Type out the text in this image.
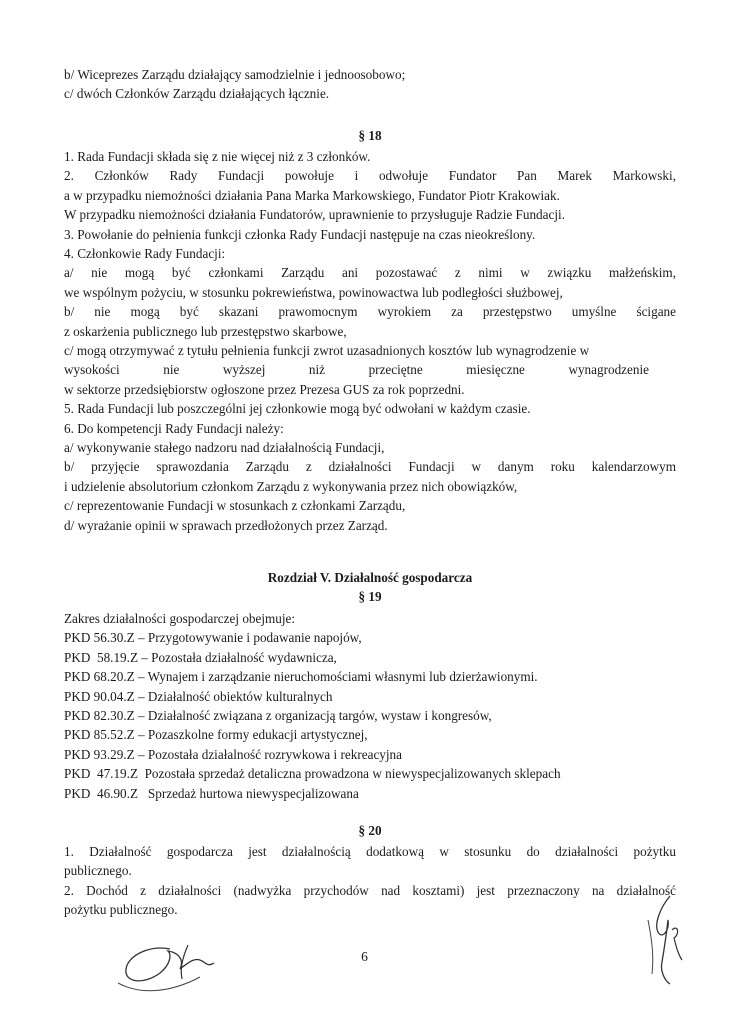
b/ Wiceprezes Zarządu działający samodzielnie i jednoosobowo;
c/ dwóch Członków Zarządu działających łącznie.
§ 18
1. Rada Fundacji składa się z nie więcej niż z 3 członków.
2. Członków Rady Fundacji powołuje i odwołuje Fundator Pan Marek Markowski,
a w przypadku niemożności działania Pana Marka Markowskiego, Fundator Piotr Krakowiak.
W przypadku niemożności działania Fundatorów, uprawnienie to przysługuje Radzie Fundacji.
3. Powołanie do pełnienia funkcji członka Rady Fundacji następuje na czas nieokreślony.
4. Członkowie Rady Fundacji:
a/ nie mogą być członkami Zarządu ani pozostawać z nimi w związku małżeńskim,
we wspólnym pożyciu, w stosunku pokrewieństwa, powinowactwa lub podległości służbowej,
b/ nie mogą być skazani prawomocnym wyrokiem za przestępstwo umyślne ścigane
z oskarżenia publicznego lub przestępstwo skarbowe,
c/ mogą otrzymywać z tytułu pełnienia funkcji zwrot uzasadnionych kosztów lub wynagrodzenie w
wysokości nie wyższej niż przeciętne miesięczne wynagrodzenie
w sektorze przedsiębiorstw ogłoszone przez Prezesa GUS za rok poprzedni.
5. Rada Fundacji lub poszczególni jej członkowie mogą być odwołani w każdym czasie.
6. Do kompetencji Rady Fundacji należy:
a/ wykonywanie stałego nadzoru nad działalnością Fundacji,
b/ przyjęcie sprawozdania Zarządu z działalności Fundacji w danym roku kalendarzowym
i udzielenie absolutorium członkom Zarządu z wykonywania przez nich obowiązków,
c/ reprezentowanie Fundacji w stosunkach z członkami Zarządu,
d/ wyrażanie opinii w sprawach przedłożonych przez Zarząd.
Rozdział V. Działalność gospodarcza
§ 19
Zakres działalności gospodarczej obejmuje:
PKD 56.30.Z – Przygotowywanie i podawanie napojów,
PKD  58.19.Z – Pozostała działalność wydawnicza,
PKD 68.20.Z – Wynajem i zarządzanie nieruchomościami własnymi lub dzierżawionymi.
PKD 90.04.Z – Działalność obiektów kulturalnych
PKD 82.30.Z – Działalność związana z organizacją targów, wystaw i kongresów,
PKD 85.52.Z – Pozaszkolne formy edukacji artystycznej,
PKD 93.29.Z – Pozostała działalność rozrywkowa i rekreacyjna
PKD  47.19.Z  Pozostała sprzedaż detaliczna prowadzona w niewyspecjalizowanych sklepach
PKD  46.90.Z   Sprzedaż hurtowa niewyspecjalizowana
§ 20
1. Działalność gospodarcza jest działalnością dodatkową w stosunku do działalności pożytku
publicznego.
2. Dochód z działalności (nadwyżka przychodów nad kosztami) jest przeznaczony na działalność
pożytku publicznego.
6
